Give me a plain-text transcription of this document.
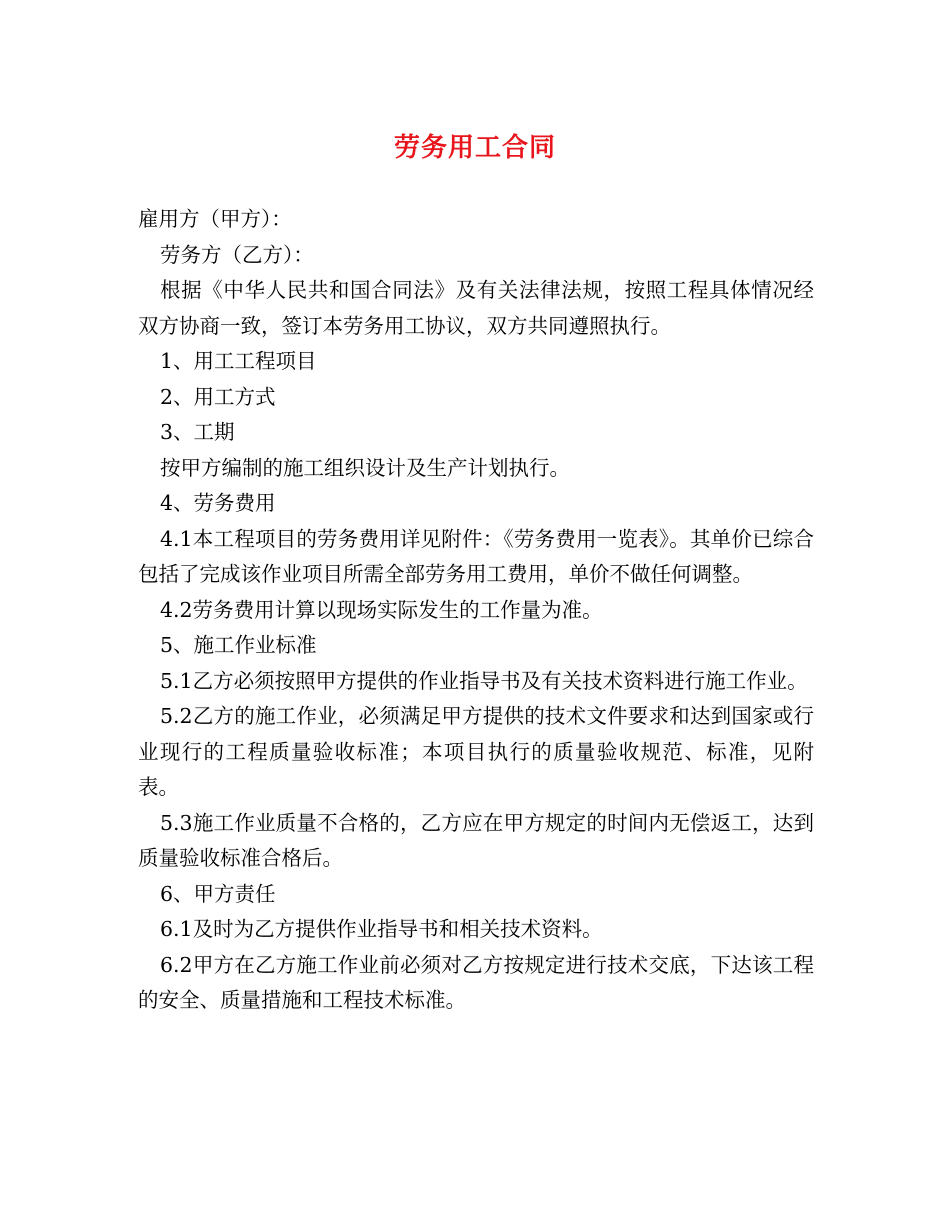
劳务用工合同

雇用方（甲方）：

劳务方（乙方）：

根据《中华人民共和国合同法》及有关法律法规，按照工程具体情况经双方协商一致，签订本劳务用工协议，双方共同遵照执行。

1、用工工程项目

2、用工方式

3、工期

按甲方编制的施工组织设计及生产计划执行。

4、劳务费用

4.1本工程项目的劳务费用详见附件：《劳务费用一览表》。其单价已综合包括了完成该作业项目所需全部劳务用工费用，单价不做任何调整。

4.2劳务费用计算以现场实际发生的工作量为准。

5、施工作业标准

5.1乙方必须按照甲方提供的作业指导书及有关技术资料进行施工作业。

5.2乙方的施工作业，必须满足甲方提供的技术文件要求和达到国家或行业现行的工程质量验收标准；本项目执行的质量验收规范、标准，见附表。

5.3施工作业质量不合格的，乙方应在甲方规定的时间内无偿返工，达到质量验收标准合格后。

6、甲方责任

6.1及时为乙方提供作业指导书和相关技术资料。

6.2甲方在乙方施工作业前必须对乙方按规定进行技术交底，下达该工程的安全、质量措施和工程技术标准。
